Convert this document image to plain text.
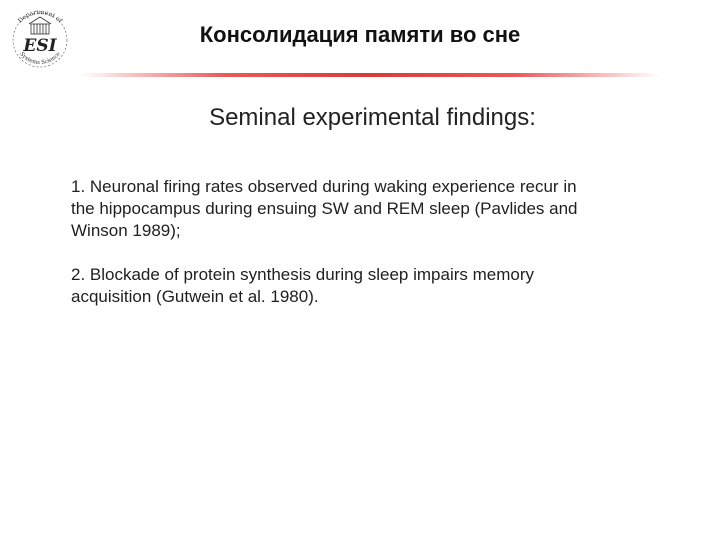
Department of
ESI
Systems Science
Консолидация памяти во сне
Seminal experimental findings:
1. Neuronal firing rates observed during waking experience recur in
the hippocampus during ensuing SW and REM sleep (Pavlides and
Winson 1989);
2. Blockade of protein synthesis during sleep impairs memory
acquisition (Gutwein et al. 1980).
